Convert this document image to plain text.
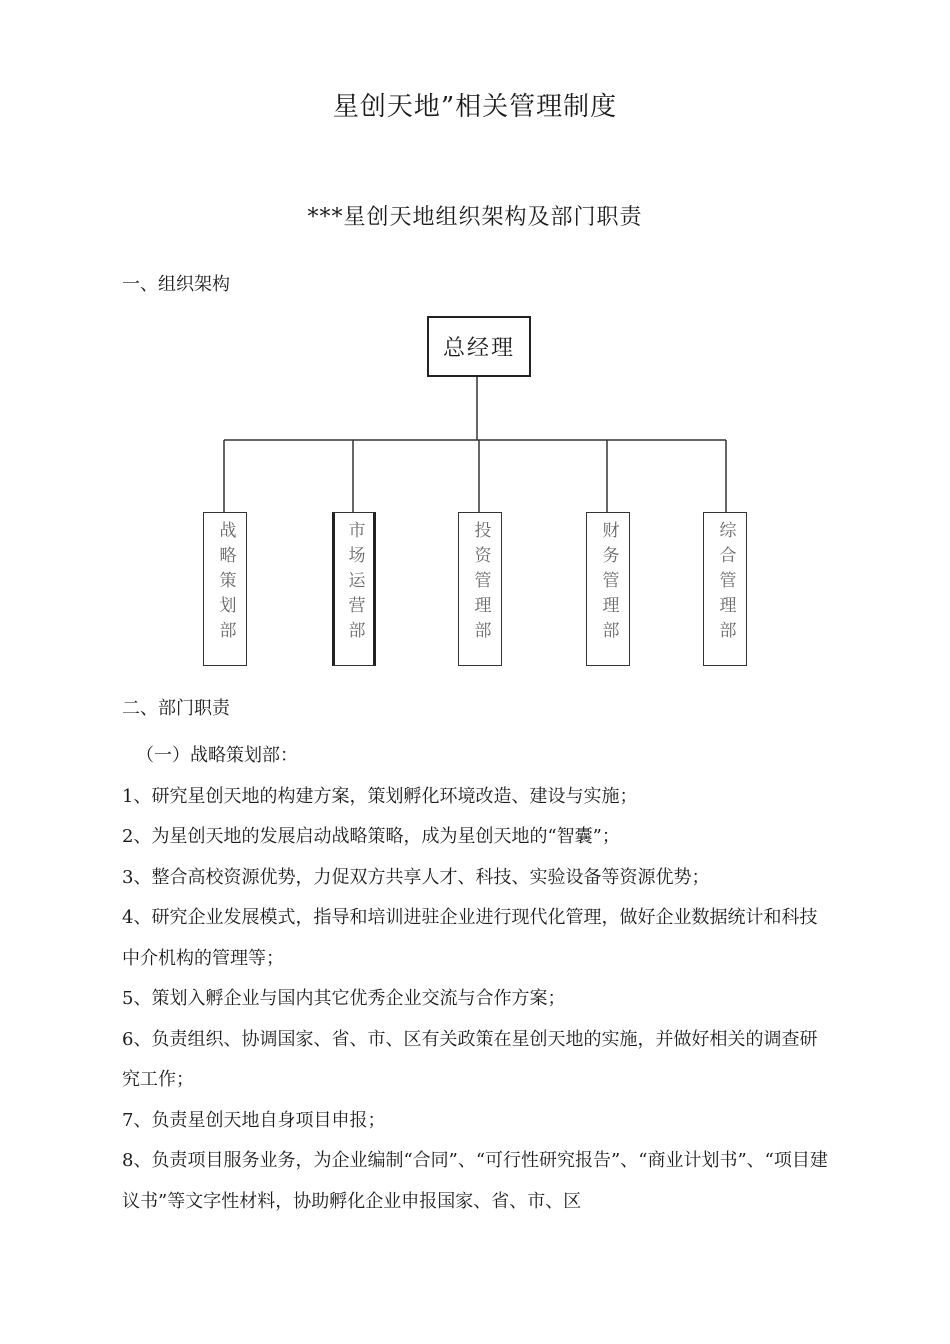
星创天地”相关管理制度
***星创天地组织架构及部门职责
一、组织架构
总经理
战略策划部	市场运营部	投资管理部	财务管理部	综合管理部
二、部门职责

（一）战略策划部：

1、研究星创天地的构建方案，策划孵化环境改造、建设与实施；

2、为星创天地的发展启动战略策略，成为星创天地的“智囊”；

3、整合高校资源优势，力促双方共享人才、科技、实验设备等资源优势；

4、研究企业发展模式，指导和培训进驻企业进行现代化管理，做好企业数据统计和科技中介机构的管理等；

5、策划入孵企业与国内其它优秀企业交流与合作方案；

6、负责组织、协调国家、省、市、区有关政策在星创天地的实施，并做好相关的调查研究工作；

7、负责星创天地自身项目申报；

8、负责项目服务业务，为企业编制“合同”、“可行性研究报告”、“商业计划书”、“项目建议书”等文字性材料，协助孵化企业申报国家、省、市、区
